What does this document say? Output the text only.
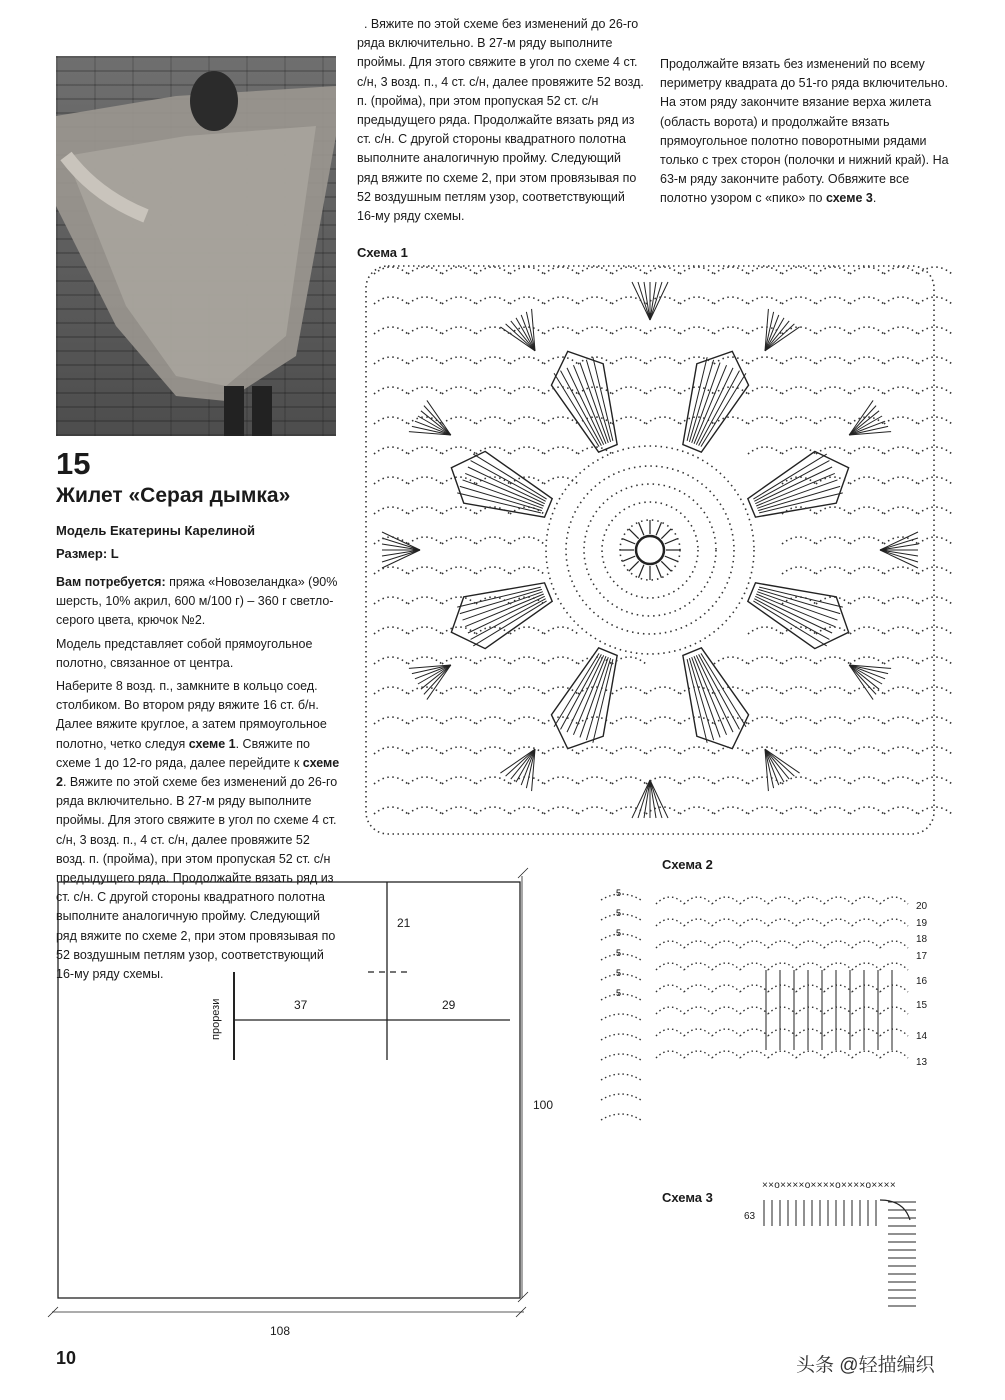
15
Жилет «Серая дымка»
Модель Екатерины Карелиной
Размер: L

Вам потребуется: пряжа «Новозеландка» (90% шерсть, 10% акрил, 600 м/100 г) – 360 г светло-серого цвета, крючок №2.

Модель представляет собой прямоугольное полотно, связанное от центра.

Наберите 8 возд. п., замкните в кольцо соед. столбиком. Во втором ряду вяжите 16 ст. б/н. Далее вяжите круглое, а затем прямоугольное полотно, четко следуя схеме 1. Свяжите по схеме 1 до 12-го ряда, далее перейдите к схеме 2. Вяжите по этой схеме без изменений до 26-го ряда включительно. В 27-м ряду выполните проймы. Для этого свяжите в угол по схеме 4 ст. с/н, 3 возд. п., 4 ст. с/н, далее провяжите 52 возд. п. (пройма), при этом пропуская 52 ст. с/н предыдущего ряда. Продолжайте вязать ряд из ст. с/н. С другой стороны квадратного полотна выполните аналогичную пройму. Следующий ряд вяжите по схеме 2, при этом провязывая по 52 воздушным петлям узор, соответствующий 16-му ряду схемы.

. Вяжите по этой схеме без изменений до 26-го ряда включительно. В 27-м ряду выполните проймы. Для этого свяжите в угол по схеме 4 ст. с/н, 3 возд. п., 4 ст. с/н, далее провяжите 52 возд. п. (пройма), при этом пропуская 52 ст. с/н предыдущего ряда. Продолжайте вязать ряд из ст. с/н. С другой стороны квадратного полотна выполните аналогичную пройму. Следующий ряд вяжите по схеме 2, при этом провязывая по 52 воздушным петлям узор, соответствующий 16-му ряду схемы.

Продолжайте вязать без изменений по всему периметру квадрата до 51-го ряда включительно. На этом ряду закончите вязание верха жилета (область ворота) и продолжайте вязать прямоугольное полотно поворотными рядами только с трех сторон (полочки и нижний край). На 63-м ряду закончите работу. Обвяжите все полотно узором с «пико» по схеме 3.

Схема 1
Схема 2
5
5
5
5
5
5
20
19
18
17
16
15
14
13
Схема 3
××о××××о××××о××××о××××
63
21
37	29
100
108
прорези
10	头条 @轻描编织
